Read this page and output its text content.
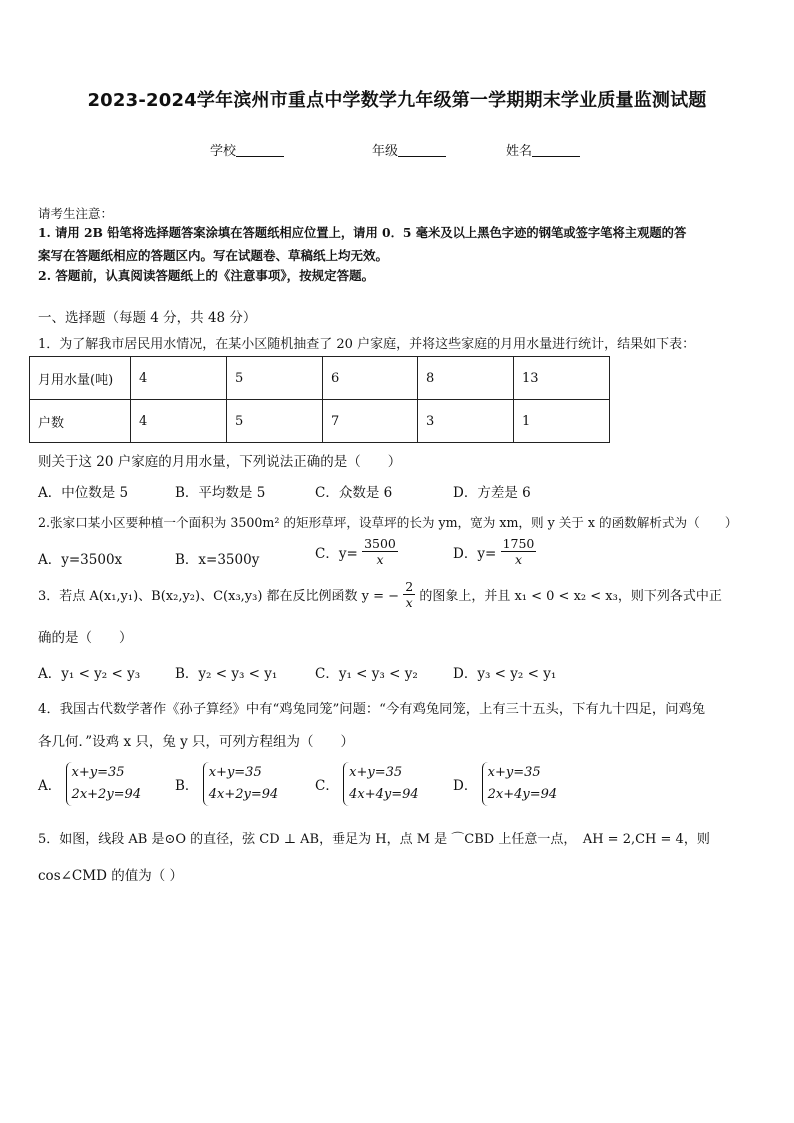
2023-2024学年滨州市重点中学数学九年级第一学期期末学业质量监测试题
学校	年级	姓名
请考生注意：
1. 请用 2B 铅笔将选择题答案涂填在答题纸相应位置上，请用 0．5 毫米及以上黑色字迹的钢笔或签字笔将主观题的答
案写在答题纸相应的答题区内。写在试题卷、草稿纸上均无效。
2. 答题前，认真阅读答题纸上的《注意事项》，按规定答题。
一、选择题（每题 4 分，共 48 分）
1．为了解我市居民用水情况，在某小区随机抽查了 20 户家庭，并将这些家庭的月用水量进行统计，结果如下表：
月用水量(吨)	4	5	6	8	13
户数	4	5	7	3	1
则关于这 20 户家庭的月用水量，下列说法正确的是（　　）
A．中位数是 5	B．平均数是 5	C．众数是 6	D．方差是 6
2.张家口某小区要种植一个面积为 3500m² 的矩形草坪，设草坪的长为 ym，宽为 xm，则 y 关于 x 的函数解析式为（　　）
A．y=3500x	B．x=3500y	C．$y= \frac{3500}{x}$	D．$y= \frac{1750}{x}$
3．若点 A(x₁,y₁)、B(x₂,y₂)、C(x₃,y₃) 都在反比例函数 y = − $\frac{2}{x}$ 的图象上，并且 x₁ < 0 < x₂ < x₃，则下列各式中正
确的是（　　）
A．y₁ < y₂ < y₃	B．y₂ < y₃ < y₁	C．y₁ < y₃ < y₂	D．y₃ < y₂ < y₁
4．我国古代数学著作《孙子算经》中有“鸡兔同笼”问题：“今有鸡兔同笼，上有三十五头，下有九十四足，问鸡兔
各几何．”设鸡 x 只，兔 y 只，可列方程组为（　　）
A．
x+y=35
2x+2y=94
B．
x+y=35
4x+2y=94
C．
x+y=35
4x+4y=94
D．
x+y=35
2x+4y=94
5．如图，线段 AB 是⊙O 的直径，弦 CD ⊥ AB，垂足为 H，点 M 是 ⌒CBD 上任意一点，　AH = 2,CH = 4，则
cos∠CMD 的值为（ ）
